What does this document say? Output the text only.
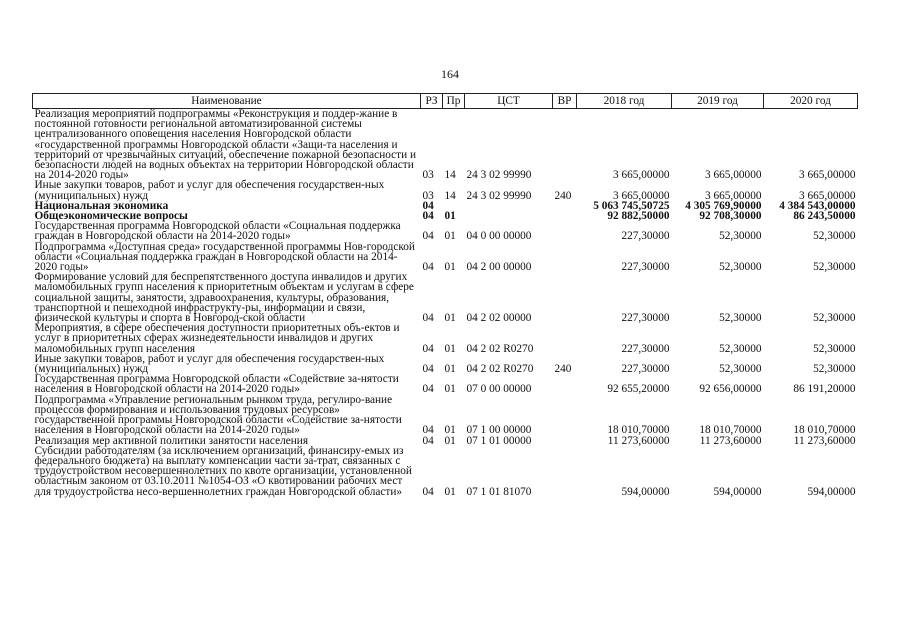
164
Наименование	РЗ	Пр	ЦСТ	ВР	2018 год	2019 год	2020 год
Реализация мероприятий подпрограммы «Реконструкция и поддер-жание в постоянной готовности региональной автоматизированной системы централизованного оповещения населения Новгородской области «государственной программы Новгородской области «Защи-та населения и территорий от чрезвычайных ситуаций, обеспечение пожарной безопасности и безопасности людей на водных объектах на территории Новгородской области на 2014-2020 годы»	03	14	24 3 02 99990		3 665,00000	3 665,00000	3 665,00000
Иные закупки товаров, работ и услуг для обеспечения государствен-ных (муниципальных) нужд	03	14	24 3 02 99990	240	3 665,00000	3 665,00000	3 665,00000
Национальная экономика	04				5 063 745,50725	4 305 769,90000	4 384 543,00000
Общеэкономические вопросы	04	01			92 882,50000	92 708,30000	86 243,50000
Государственная программа Новгородской области «Социальная поддержка граждан в Новгородской области на 2014-2020 годы»	04	01	04 0 00 00000		227,30000	52,30000	52,30000
Подпрограмма «Доступная среда» государственной программы Нов-городской области «Социальная поддержка граждан в Новгородской области на 2014-2020 годы»	04	01	04 2 00 00000		227,30000	52,30000	52,30000
Формирование условий для беспрепятственного доступа инвалидов и других маломобильных групп населения к приоритетным объектам и услугам в сфере социальной защиты, занятости, здравоохранения, культуры, образования, транспортной и пешеходной инфраструкту-ры, информации и связи, физической культуры и спорта в Новгород-ской области	04	01	04 2 02 00000		227,30000	52,30000	52,30000
Мероприятия, в сфере обеспечения доступности приоритетных объ-ектов и услуг в приоритетных сферах жизнедеятельности инвалидов и других маломобильных групп населения	04	01	04 2 02 R0270		227,30000	52,30000	52,30000
Иные закупки товаров, работ и услуг для обеспечения государствен-ных (муниципальных) нужд	04	01	04 2 02 R0270	240	227,30000	52,30000	52,30000
Государственная программа Новгородской области «Содействие за-нятости населения в Новгородской области на 2014-2020 годы»	04	01	07 0 00 00000		92 655,20000	92 656,00000	86 191,20000
Подпрограмма «Управление региональным рынком труда, регулиро-вание процессов формирования и использования трудовых ресурсов» государственной программы Новгородской области «Содействие за-нятости населения в Новгородской области на 2014-2020 годы»	04	01	07 1 00 00000		18 010,70000	18 010,70000	18 010,70000
Реализация мер активной политики занятости населения	04	01	07 1 01 00000		11 273,60000	11 273,60000	11 273,60000
Субсидии работодателям (за исключением организаций, финансиру-емых из федерального бюджета) на выплату компенсации части за-трат, связанных с трудоустройством несовершеннолетних по квоте организации, установленной областным законом от 03.10.2011 №1054-ОЗ «О квотировании рабочих мест для трудоустройства несо-вершеннолетних граждан Новгородской области»	04	01	07 1 01 81070		594,00000	594,00000	594,00000
